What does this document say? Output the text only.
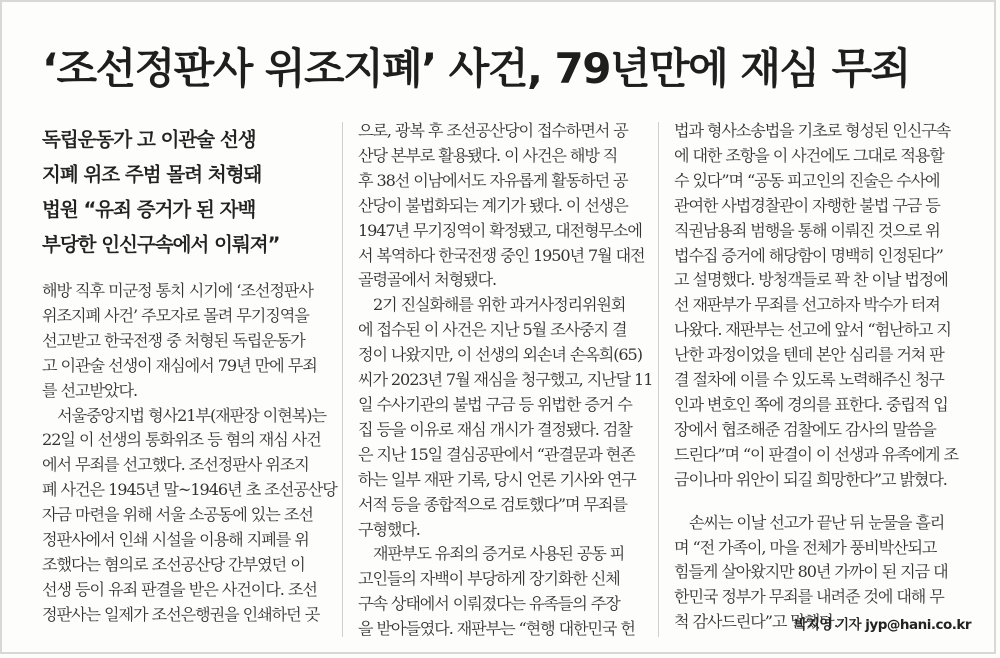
‘조선정판사 위조지폐’ 사건, 79년만에 재심 무죄
독립운동가 고 이관술 선생
지폐 위조 주범 몰려 처형돼
법원 “유죄 증거가 된 자백
부당한 인신구속에서 이뤄져”
해방 직후 미군정 통치 시기에 ‘조선정판사
위조지폐 사건’ 주모자로 몰려 무기징역을
선고받고 한국전쟁 중 처형된 독립운동가
고 이관술 선생이 재심에서 79년 만에 무죄
를 선고받았다.
　서울중앙지법 형사21부(재판장 이현복)는
22일 이 선생의 통화위조 등 혐의 재심 사건
에서 무죄를 선고했다. 조선정판사 위조지
폐 사건은 1945년 말~1946년 초 조선공산당
자금 마련을 위해 서울 소공동에 있는 조선
정판사에서 인쇄 시설을 이용해 지폐를 위
조했다는 혐의로 조선공산당 간부였던 이
선생 등이 유죄 판결을 받은 사건이다. 조선
정판사는 일제가 조선은행권을 인쇄하던 곳
으로, 광복 후 조선공산당이 접수하면서 공
산당 본부로 활용됐다. 이 사건은 해방 직
후 38선 이남에서도 자유롭게 활동하던 공
산당이 불법화되는 계기가 됐다. 이 선생은
1947년 무기징역이 확정됐고, 대전형무소에
서 복역하다 한국전쟁 중인 1950년 7월 대전
골령골에서 처형됐다.
　2기 진실화해를 위한 과거사정리위원회
에 접수된 이 사건은 지난 5월 조사중지 결
정이 나왔지만, 이 선생의 외손녀 손옥희(65)
씨가 2023년 7월 재심을 청구했고, 지난달 11
일 수사기관의 불법 구금 등 위법한 증거 수
집 등을 이유로 재심 개시가 결정됐다. 검찰
은 지난 15일 결심공판에서 “관결문과 현존
하는 일부 재판 기록, 당시 언론 기사와 연구
서적 등을 종합적으로 검토했다”며 무죄를
구형했다.
　재판부도 유죄의 증거로 사용된 공동 피
고인들의 자백이 부당하게 장기화한 신체
구속 상태에서 이뤄졌다는 유족들의 주장
을 받아들였다. 재판부는 “현행 대한민국 헌
법과 형사소송법을 기초로 형성된 인신구속
에 대한 조항을 이 사건에도 그대로 적용할
수 있다”며 “공동 피고인의 진술은 수사에
관여한 사법경찰관이 자행한 불법 구금 등
직권남용죄 범행을 통해 이뤄진 것으로 위
법수집 증거에 해당함이 명백히 인정된다”
고 설명했다. 방청객들로 꽉 찬 이날 법정에
선 재판부가 무죄를 선고하자 박수가 터져
나왔다. 재판부는 선고에 앞서 “험난하고 지
난한 과정이었을 텐데 본안 심리를 거쳐 판
결 절차에 이를 수 있도록 노력해주신 청구
인과 변호인 쪽에 경의를 표한다. 중립적 입
장에서 협조해준 검찰에도 감사의 말씀을
드린다”며 “이 판결이 이 선생과 유족에게 조
금이나마 위안이 되길 희망한다”고 밝혔다.
　손씨는 이날 선고가 끝난 뒤 눈물을 흘리
며 “전 가족이, 마을 전체가 풍비박산되고
힘들게 살아왔지만 80년 가까이 된 지금 대
한민국 정부가 무죄를 내려준 것에 대해 무
척 감사드린다”고 말했다.
박지영 기자 jyp@hani.co.kr
